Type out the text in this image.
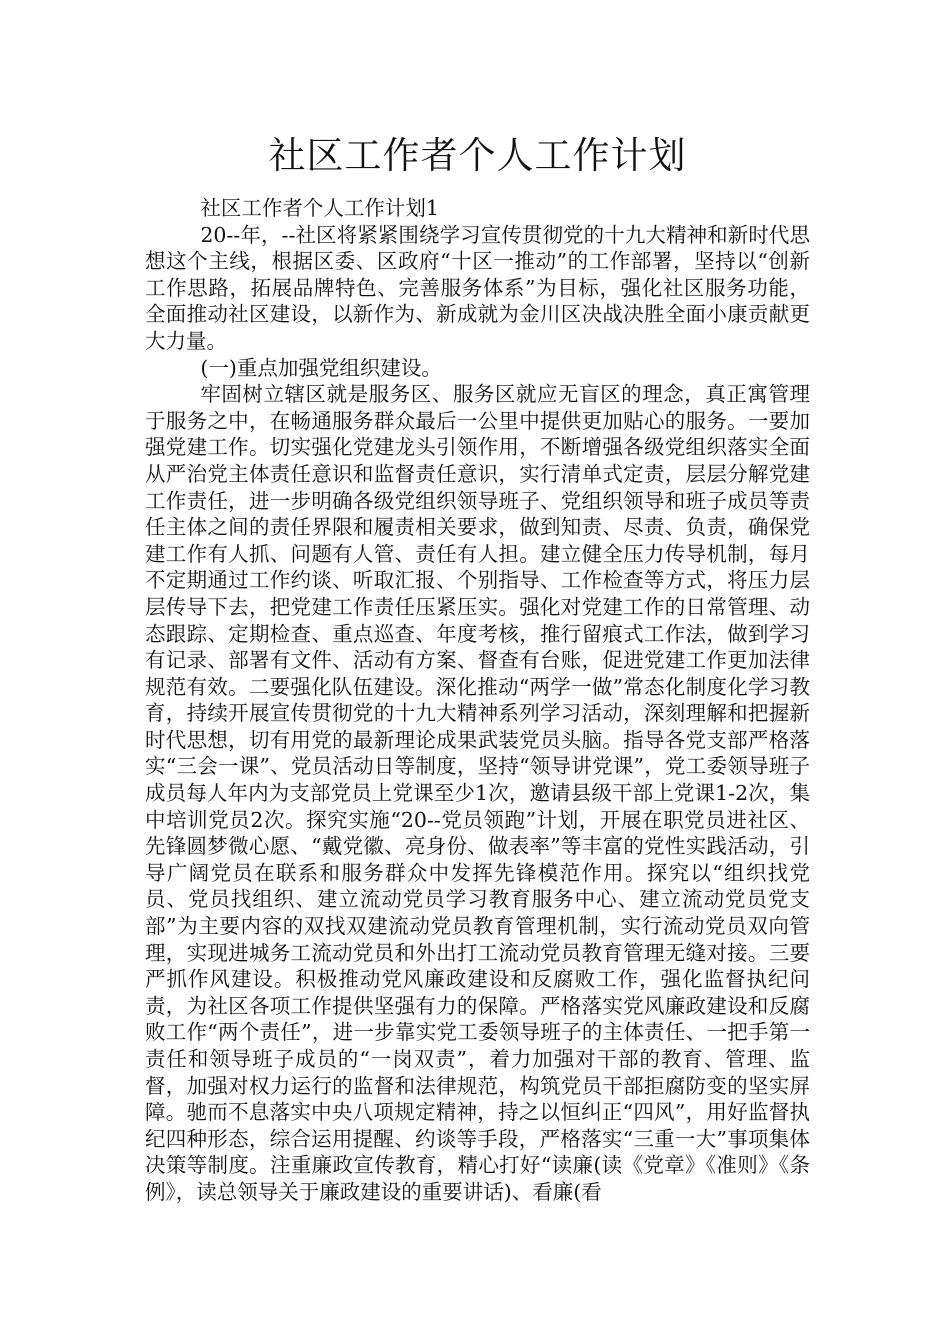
社区工作者个人工作计划

社区工作者个人工作计划1

20--年，--社区将紧紧围绕学习宣传贯彻党的十九大精神和新时代思想这个主线，根据区委、区政府“十区一推动”的工作部署，坚持以“创新工作思路，拓展品牌特色、完善服务体系”为目标，强化社区服务功能，全面推动社区建设，以新作为、新成就为金川区决战决胜全面小康贡献更大力量。

(一)重点加强党组织建设。

牢固树立辖区就是服务区、服务区就应无盲区的理念，真正寓管理于服务之中，在畅通服务群众最后一公里中提供更加贴心的服务。一要加强党建工作。切实强化党建龙头引领作用，不断增强各级党组织落实全面从严治党主体责任意识和监督责任意识，实行清单式定责，层层分解党建工作责任，进一步明确各级党组织领导班子、党组织领导和班子成员等责任主体之间的责任界限和履责相关要求，做到知责、尽责、负责，确保党建工作有人抓、问题有人管、责任有人担。建立健全压力传导机制，每月不定期通过工作约谈、听取汇报、个别指导、工作检查等方式，将压力层层传导下去，把党建工作责任压紧压实。强化对党建工作的日常管理、动态跟踪、定期检查、重点巡查、年度考核，推行留痕式工作法，做到学习有记录、部署有文件、活动有方案、督查有台账，促进党建工作更加法律规范有效。二要强化队伍建设。深化推动“两学一做”常态化制度化学习教育，持续开展宣传贯彻党的十九大精神系列学习活动，深刻理解和把握新时代思想，切有用党的最新理论成果武装党员头脑。指导各党支部严格落实“三会一课”、党员活动日等制度，坚持“领导讲党课”，党工委领导班子成员每人年内为支部党员上党课至少1次，邀请县级干部上党课1-2次，集中培训党员2次。探究实施“20--党员领跑”计划，开展在职党员进社区、先锋圆梦微心愿、“戴党徽、亮身份、做表率”等丰富的党性实践活动，引导广阔党员在联系和服务群众中发挥先锋模范作用。探究以“组织找党员、党员找组织、建立流动党员学习教育服务中心、建立流动党员党支部”为主要内容的双找双建流动党员教育管理机制，实行流动党员双向管理，实现进城务工流动党员和外出打工流动党员教育管理无缝对接。三要严抓作风建设。积极推动党风廉政建设和反腐败工作，强化监督执纪问责，为社区各项工作提供坚强有力的保障。严格落实党风廉政建设和反腐败工作“两个责任”，进一步靠实党工委领导班子的主体责任、一把手第一责任和领导班子成员的“一岗双责”，着力加强对干部的教育、管理、监督，加强对权力运行的监督和法律规范，构筑党员干部拒腐防变的坚实屏障。驰而不息落实中央八项规定精神，持之以恒纠正“四风”，用好监督执纪四种形态，综合运用提醒、约谈等手段，严格落实“三重一大”事项集体决策等制度。注重廉政宣传教育，精心打好“读廉(读《党章》《准则》《条例》，读总领导关于廉政建设的重要讲话)、看廉(看
